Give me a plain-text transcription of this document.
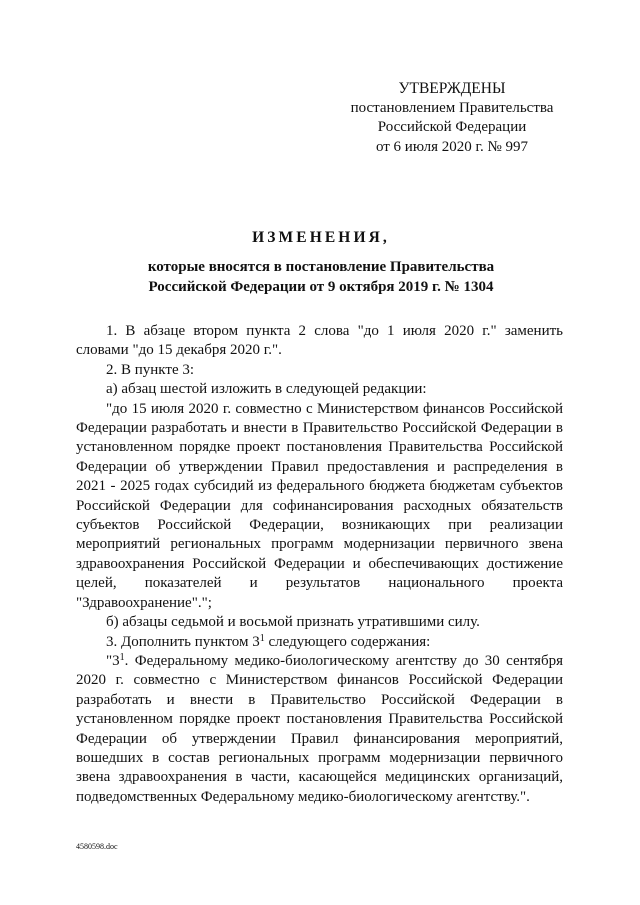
УТВЕРЖДЕНЫ
постановлением Правительства
Российской Федерации
от 6 июля 2020 г. № 997
ИЗМЕНЕНИЯ,
которые вносятся в постановление Правительства
Российской Федерации от 9 октября 2019 г. № 1304

1. В абзаце втором пункта 2 слова "до 1 июля 2020 г." заменить словами "до 15 декабря 2020 г.".

2. В пункте 3:

а) абзац шестой изложить в следующей редакции:

"до 15 июля 2020 г. совместно с Министерством финансов Российской Федерации разработать и внести в Правительство Российской Федерации в установленном порядке проект постановления Правительства Российской Федерации об утверждении Правил предоставления и распределения в 2021 - 2025 годах субсидий из федерального бюджета бюджетам субъектов Российской Федерации для софинансирования расходных обязательств субъектов Российской Федерации, возникающих при реализации мероприятий региональных программ модернизации первичного звена здравоохранения Российской Федерации и обеспечивающих достижение целей, показателей и результатов национального проекта "Здравоохранение".";

б) абзацы седьмой и восьмой признать утратившими силу.

3. Дополнить пунктом $3^1$ следующего содержания:

"$3^1$. Федеральному медико-биологическому агентству до 30 сентября 2020 г. совместно с Министерством финансов Российской Федерации разработать и внести в Правительство Российской Федерации в установленном порядке проект постановления Правительства Российской Федерации об утверждении Правил финансирования мероприятий, вошедших в состав региональных программ модернизации первичного звена здравоохранения в части, касающейся медицинских организаций, подведомственных Федеральному медико-биологическому агентству.".

4580598.doc
